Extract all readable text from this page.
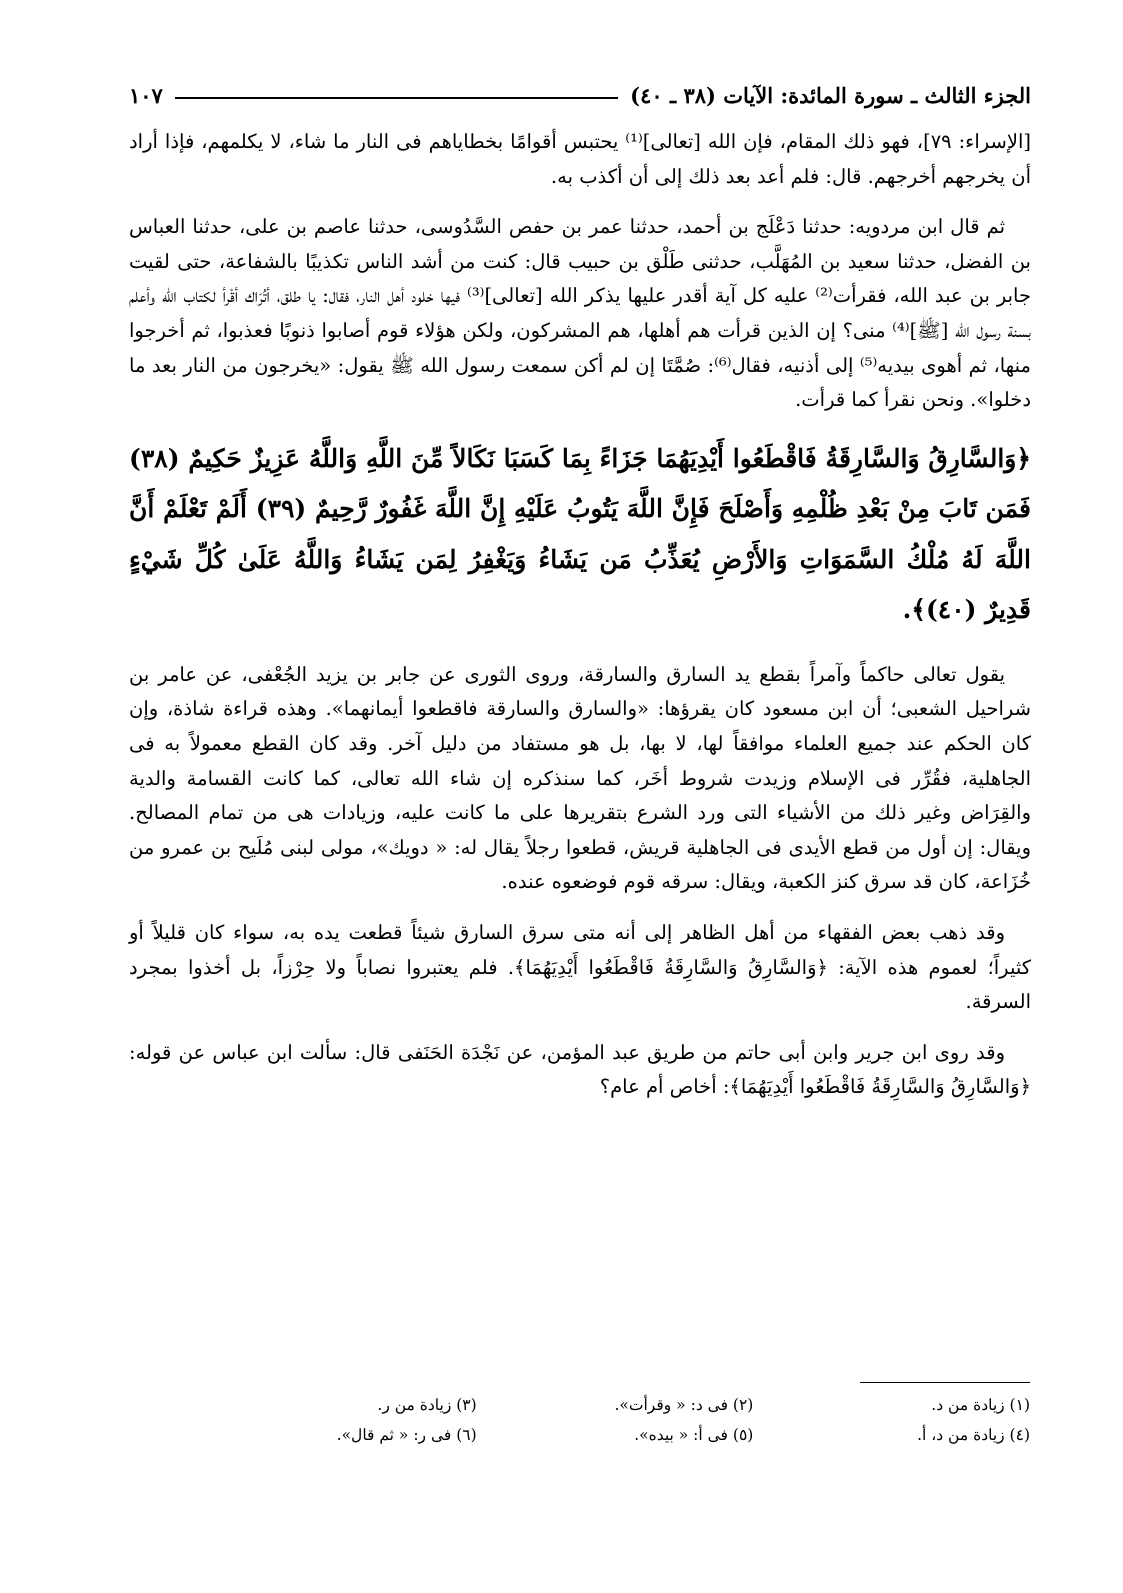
الجزء الثالث ـ سورة المائدة: الآيات (٣٨ ـ ٤٠)
١٠٧

[الإسراء: ٧٩]، فهو ذلك المقام، فإن الله [تعالى]⁽¹⁾ يحتبس أقوامًا بخطاياهم فى النار ما شاء، لا يكلمهم، فإذا أراد أن يخرجهم أخرجهم. قال: فلم أعد بعد ذلك إلى أن أكذب به.

ثم قال ابن مردويه: حدثنا دَعْلَج بن أحمد، حدثنا عمر بن حفص السَّدُوسى، حدثنا عاصم بن على، حدثنا العباس بن الفضل، حدثنا سعيد بن المُهَلَّب، حدثنى طَلْق بن حبيب قال: كنت من أشد الناس تكذيبًا بالشفاعة، حتى لقيت جابر بن عبد الله، فقرأت⁽²⁾ عليه كل آية أقدر عليها يذكر الله [تعالى]⁽³⁾ فيها خلود أهل النار، فقال: يا طلق، أتُرَاك أقْرأ لكتاب الله وأعلم بسنة رسول الله [ﷺ]⁽⁴⁾ منى؟ إن الذين قرأت هم أهلها، هم المشركون، ولكن هؤلاء قوم أصابوا ذنوبًا فعذبوا، ثم أخرجوا منها، ثم أهوى بيديه⁽⁵⁾ إلى أذنيه، فقال⁽⁶⁾: صُمَّتَا إن لم أكن سمعت رسول الله ﷺ يقول: «يخرجون من النار بعد ما دخلوا». ونحن نقرأ كما قرأت.

﴿وَالسَّارِقُ وَالسَّارِقَةُ فَاقْطَعُوا أَيْدِيَهُمَا جَزَاءً بِمَا كَسَبَا نَكَالاً مِّنَ اللَّهِ وَاللَّهُ عَزِيزٌ حَكِيمٌ (٣٨) فَمَن تَابَ مِنْ بَعْدِ ظُلْمِهِ وَأَصْلَحَ فَإِنَّ اللَّهَ يَتُوبُ عَلَيْهِ إِنَّ اللَّهَ غَفُورٌ رَّحِيمٌ (٣٩) أَلَمْ تَعْلَمْ أَنَّ اللَّهَ لَهُ مُلْكُ السَّمَوَاتِ وَالأَرْضِ يُعَذِّبُ مَن يَشَاءُ وَيَغْفِرُ لِمَن يَشَاءُ وَاللَّهُ عَلَىٰ كُلِّ شَيْءٍ قَدِيرٌ (٤٠)﴾.

يقول تعالى حاكماً وآمراً بقطع يد السارق والسارقة، وروى الثورى عن جابر بن يزيد الجُعْفى، عن عامر بن شراحيل الشعبى؛ أن ابن مسعود كان يقرؤها: «والسارق والسارقة فاقطعوا أيمانهما». وهذه قراءة شاذة، وإن كان الحكم عند جميع العلماء موافقاً لها، لا بها، بل هو مستفاد من دليل آخر. وقد كان القطع معمولاً به فى الجاهلية، فقُرِّر فى الإسلام وزيدت شروط أخَر، كما سنذكره إن شاء الله تعالى، كما كانت القسامة والدية والقِرَاض وغير ذلك من الأشياء التى ورد الشرع بتقريرها على ما كانت عليه، وزيادات هى من تمام المصالح. ويقال: إن أول من قطع الأيدى فى الجاهلية قريش، قطعوا رجلاً يقال له: « دويك»، مولى لبنى مُلَيح بن عمرو من خُزَاعة، كان قد سرق كنز الكعبة، ويقال: سرقه قوم فوضعوه عنده.

وقد ذهب بعض الفقهاء من أهل الظاهر إلى أنه متى سرق السارق شيئاً قطعت يده به، سواء كان قليلاً أو كثيراً؛ لعموم هذه الآية: ﴿وَالسَّارِقُ وَالسَّارِقَةُ فَاقْطَعُوا أَيْدِيَهُمَا﴾. فلم يعتبروا نصاباً ولا حِرْزاً، بل أخذوا بمجرد السرقة.

وقد روى ابن جرير وابن أبى حاتم من طريق عبد المؤمن، عن نَجْدَة الحَنَفى قال: سألت ابن عباس عن قوله: ﴿وَالسَّارِقُ وَالسَّارِقَةُ فَاقْطَعُوا أَيْدِيَهُمَا﴾: أخاص أم عام؟

(١) زيادة من د.
(٢) فى د: « وقرأت».
(٣) زيادة من ر.
(٤) زيادة من د، أ.
(٥) فى أ: « بيده».
(٦) فى ر: « ثم قال».
